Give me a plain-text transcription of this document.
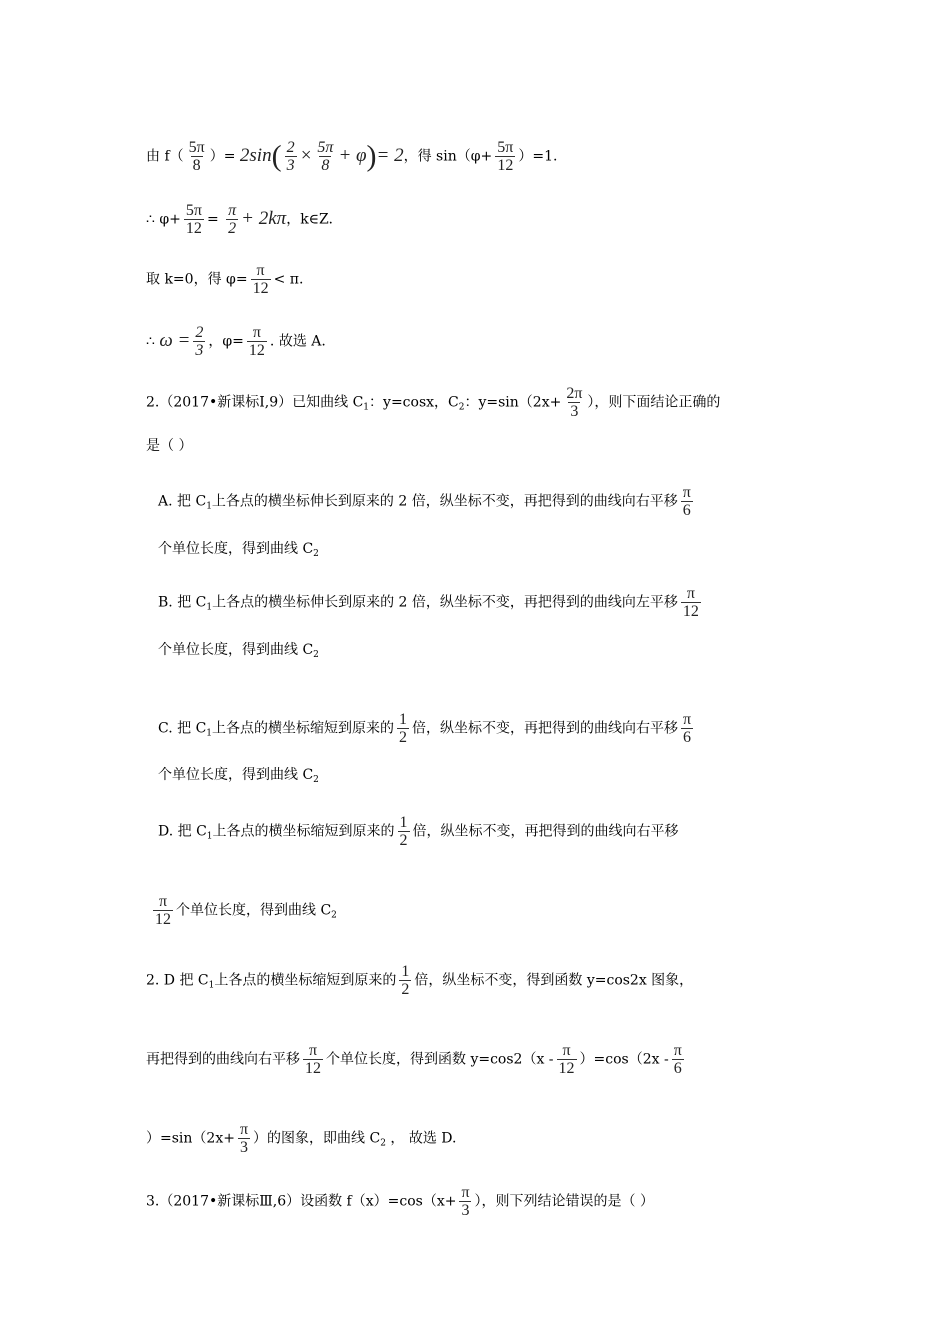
由 $f( \frac{5\pi}{8}$ ）= $2\sin( \frac{2}{3} \times \frac{5\pi}{8} + \varphi)= 2$，得 $\sin(\varphi+ \frac{5\pi}{12} )=1$.
∴ $\varphi+ \frac{5\pi}{12} = \frac{\pi}{2} + 2k\pi$，k∈Z.
取 k=0，得 $\varphi= \frac{\pi}{12} < \pi$.
∴ $\omega = \frac{2}{3}$ ，$\varphi= \frac{\pi}{12}$ . 故选 A.
2.（2017•新课标Ⅰ,9）已知曲线 $C_1$：y=cosx，$C_2$：$y=\sin(2x+ \frac{2\pi}{3}$ ），则下面结论正确的
是（ ）
A. 把 $C_1$上各点的横坐标伸长到原来的 2 倍，纵坐标不变，再把得到的曲线向右平移 $\frac{\pi}{6}$
个单位长度，得到曲线 $C_2$
B. 把 $C_1$上各点的横坐标伸长到原来的 2 倍，纵坐标不变，再把得到的曲线向左平移 $\frac{\pi}{12}$
个单位长度，得到曲线 $C_2$
C. 把 $C_1$上各点的横坐标缩短到原来的 $\frac{1}{2}$ 倍，纵坐标不变，再把得到的曲线向右平移 $\frac{\pi}{6}$
个单位长度，得到曲线 $C_2$
D. 把 $C_1$上各点的横坐标缩短到原来的 $\frac{1}{2}$ 倍，纵坐标不变，再把得到的曲线向右平移
$\frac{\pi}{12}$ 个单位长度，得到曲线 $C_2$
2. D 把 $C_1$上各点的横坐标缩短到原来的 $\frac{1}{2}$ 倍，纵坐标不变，得到函数 y=cos2x 图象，
再把得到的曲线向右平移 $\frac{\pi}{12}$ 个单位长度，得到函数 $y=\cos 2(x - \frac{\pi}{12} )=\cos(2x - \frac{\pi}{6}$
）$=\sin(2x+ \frac{\pi}{3}$ ）的图象，即曲线 $C_2$ ， 故选 D.
3.（2017•新课标Ⅲ,6）设函数 $f(x)=\cos(x+ \frac{\pi}{3}$ ），则下列结论错误的是（ ）
